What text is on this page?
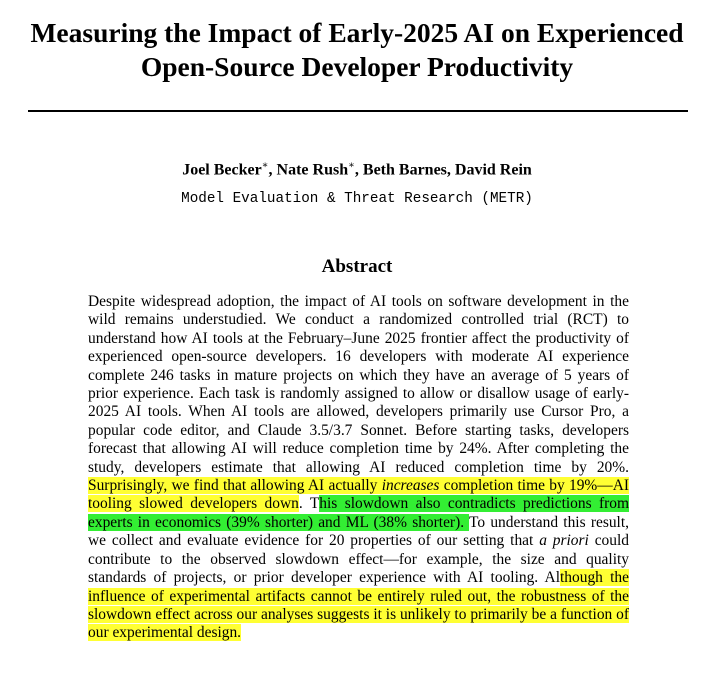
Measuring the Impact of Early-2025 AI on Experienced Open-Source Developer Productivity
Joel Becker∗, Nate Rush∗, Beth Barnes, David Rein
Model Evaluation & Threat Research (METR)
Abstract
Despite widespread adoption, the impact of AI tools on software development in the wild remains understudied. We conduct a randomized controlled trial (RCT) to understand how AI tools at the February–June 2025 frontier affect the productivity of experienced open-source developers. 16 developers with moderate AI experience complete 246 tasks in mature projects on which they have an average of 5 years of prior experience. Each task is randomly assigned to allow or disallow usage of early-2025 AI tools. When AI tools are allowed, developers primarily use Cursor Pro, a popular code editor, and Claude 3.5/3.7 Sonnet. Before starting tasks, developers forecast that allowing AI will reduce completion time by 24%. After completing the study, developers estimate that allowing AI reduced completion time by 20%. Surprisingly, we find that allowing AI actually increases completion time by 19%—AI tooling slowed developers down. This slowdown also contradicts predictions from experts in economics (39% shorter) and ML (38% shorter). To understand this result, we collect and evaluate evidence for 20 properties of our setting that a priori could contribute to the observed slowdown effect—for example, the size and quality standards of projects, or prior developer experience with AI tooling. Although the influence of experimental artifacts cannot be entirely ruled out, the robustness of the slowdown effect across our analyses suggests it is unlikely to primarily be a function of our experimental design.
